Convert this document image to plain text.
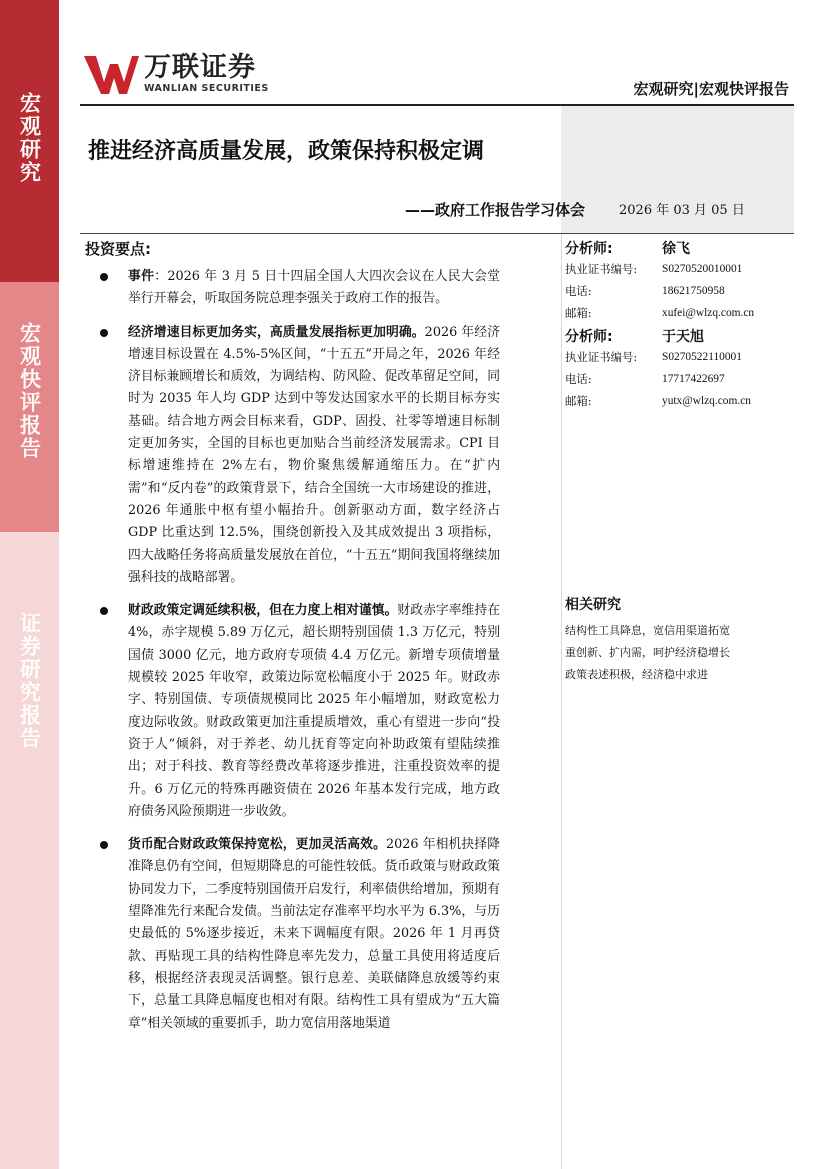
宏观研究
宏观快评报告
证券研究报告
万联证券
WANLIAN SECURITIES	宏观研究|宏观快评报告
推进经济高质量发展，政策保持积极定调
——政府工作报告学习体会	2026 年 03 月 05 日
投资要点:
事件：2026 年 3 月 5 日十四届全国人大四次会议在人民大会堂举行开幕会，听取国务院总理李强关于政府工作的报告。
经济增速目标更加务实，高质量发展指标更加明确。2026 年经济增速目标设置在 4.5%-5%区间，“十五五”开局之年，2026 年经济目标兼顾增长和质效，为调结构、防风险、促改革留足空间，同时为 2035 年人均 GDP 达到中等发达国家水平的长期目标夯实基础。结合地方两会目标来看，GDP、固投、社零等增速目标制定更加务实，全国的目标也更加贴合当前经济发展需求。CPI 目标增速维持在 2%左右，物价聚焦缓解通缩压力。在“扩内需”和“反内卷”的政策背景下，结合全国统一大市场建设的推进，2026 年通胀中枢有望小幅抬升。创新驱动方面，数字经济占 GDP 比重达到 12.5%，围绕创新投入及其成效提出 3 项指标，四大战略任务将高质量发展放在首位，“十五五”期间我国将继续加强科技的战略部署。
财政政策定调延续积极，但在力度上相对谨慎。财政赤字率维持在 4%，赤字规模 5.89 万亿元，超长期特别国债 1.3 万亿元，特别国债 3000 亿元，地方政府专项债 4.4 万亿元。新增专项债增量规模较 2025 年收窄，政策边际宽松幅度小于 2025 年。财政赤字、特别国债、专项债规模同比 2025 年小幅增加，财政宽松力度边际收敛。财政政策更加注重提质增效，重心有望进一步向“投资于人”倾斜，对于养老、幼儿抚育等定向补助政策有望陆续推出；对于科技、教育等经费改革将逐步推进，注重投资效率的提升。6 万亿元的特殊再融资债在 2026 年基本发行完成，地方政府债务风险预期进一步收敛。
货币配合财政政策保持宽松，更加灵活高效。2026 年相机抉择降准降息仍有空间，但短期降息的可能性较低。货币政策与财政政策协同发力下，二季度特别国债开启发行，利率债供给增加，预期有望降准先行来配合发债。当前法定存准率平均水平为 6.3%，与历史最低的 5%逐步接近，未来下调幅度有限。2026 年 1 月再贷款、再贴现工具的结构性降息率先发力，总量工具使用将适度后移，根据经济表现灵活调整。银行息差、美联储降息放缓等约束下，总量工具降息幅度也相对有限。结构性工具有望成为“五大篇章”相关领域的重要抓手，助力宽信用落地渠道
分析师:	徐飞
执业证书编号:	S0270520010001
电话:	18621750958
邮箱:	xufei@wlzq.com.cn
分析师:	于天旭
执业证书编号:	S0270522110001
电话:	17717422697
邮箱:	yutx@wlzq.com.cn
相关研究
结构性工具降息，宽信用渠道拓宽
重创新、扩内需，呵护经济稳增长
政策表述积极，经济稳中求进
